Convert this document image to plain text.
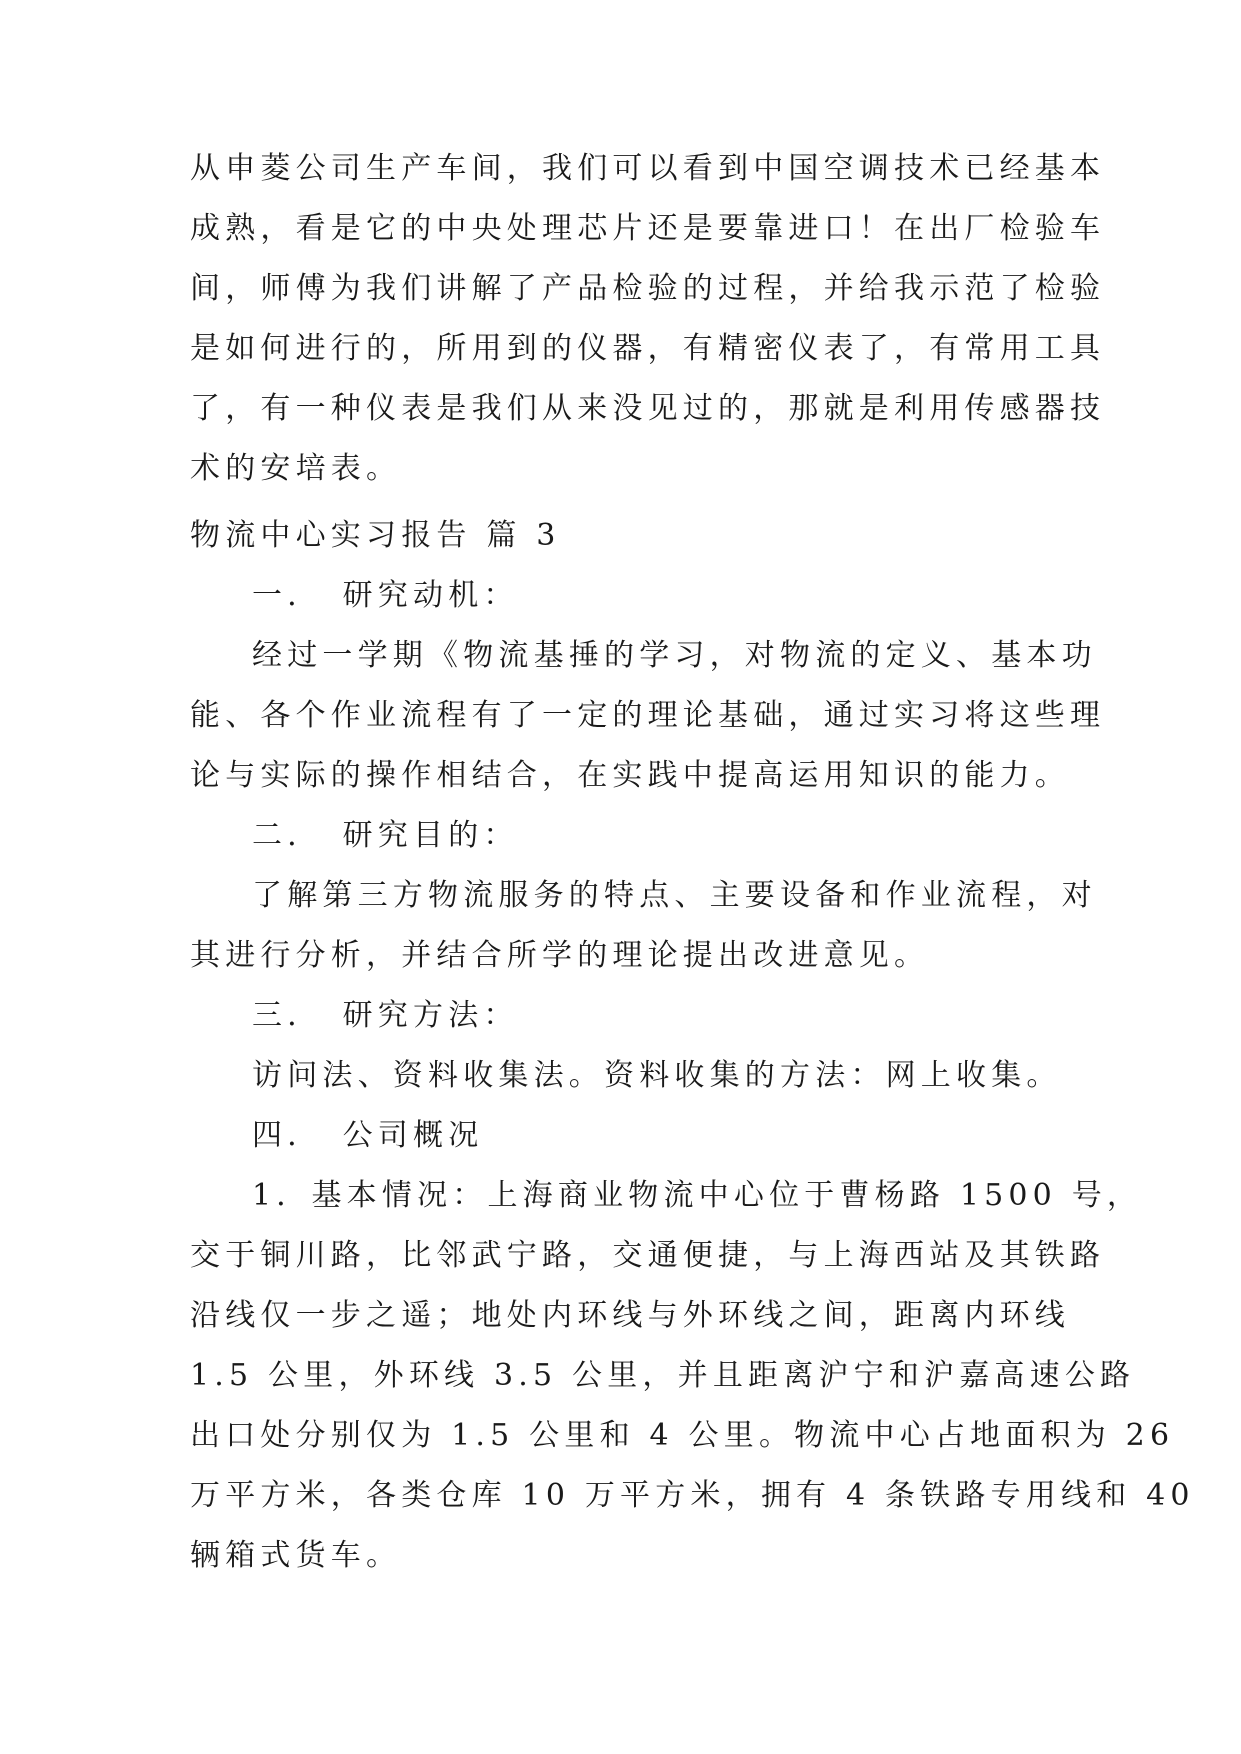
从申菱公司生产车间，我们可以看到中国空调技术已经基本
成熟，看是它的中央处理芯片还是要靠进口！在出厂检验车
间，师傅为我们讲解了产品检验的过程，并给我示范了检验
是如何进行的，所用到的仪器，有精密仪表了，有常用工具
了，有一种仪表是我们从来没见过的，那就是利用传感器技
术的安培表。
物流中心实习报告 篇 3
一．　研究动机：
经过一学期《物流基捶的学习，对物流的定义、基本功
能、各个作业流程有了一定的理论基础，通过实习将这些理
论与实际的操作相结合，在实践中提高运用知识的能力。
二．　研究目的：
了解第三方物流服务的特点、主要设备和作业流程，对
其进行分析，并结合所学的理论提出改进意见。
三．　研究方法：
访问法、资料收集法。资料收集的方法：网上收集。
四．　公司概况
1．基本情况：上海商业物流中心位于曹杨路 1500 号，
交于铜川路，比邻武宁路，交通便捷，与上海西站及其铁路
沿线仅一步之遥；地处内环线与外环线之间，距离内环线
1.5 公里，外环线 3.5 公里，并且距离沪宁和沪嘉高速公路
出口处分别仅为 1.5 公里和 4 公里。物流中心占地面积为 26
万平方米，各类仓库 10 万平方米，拥有 4 条铁路专用线和 40
辆箱式货车。
